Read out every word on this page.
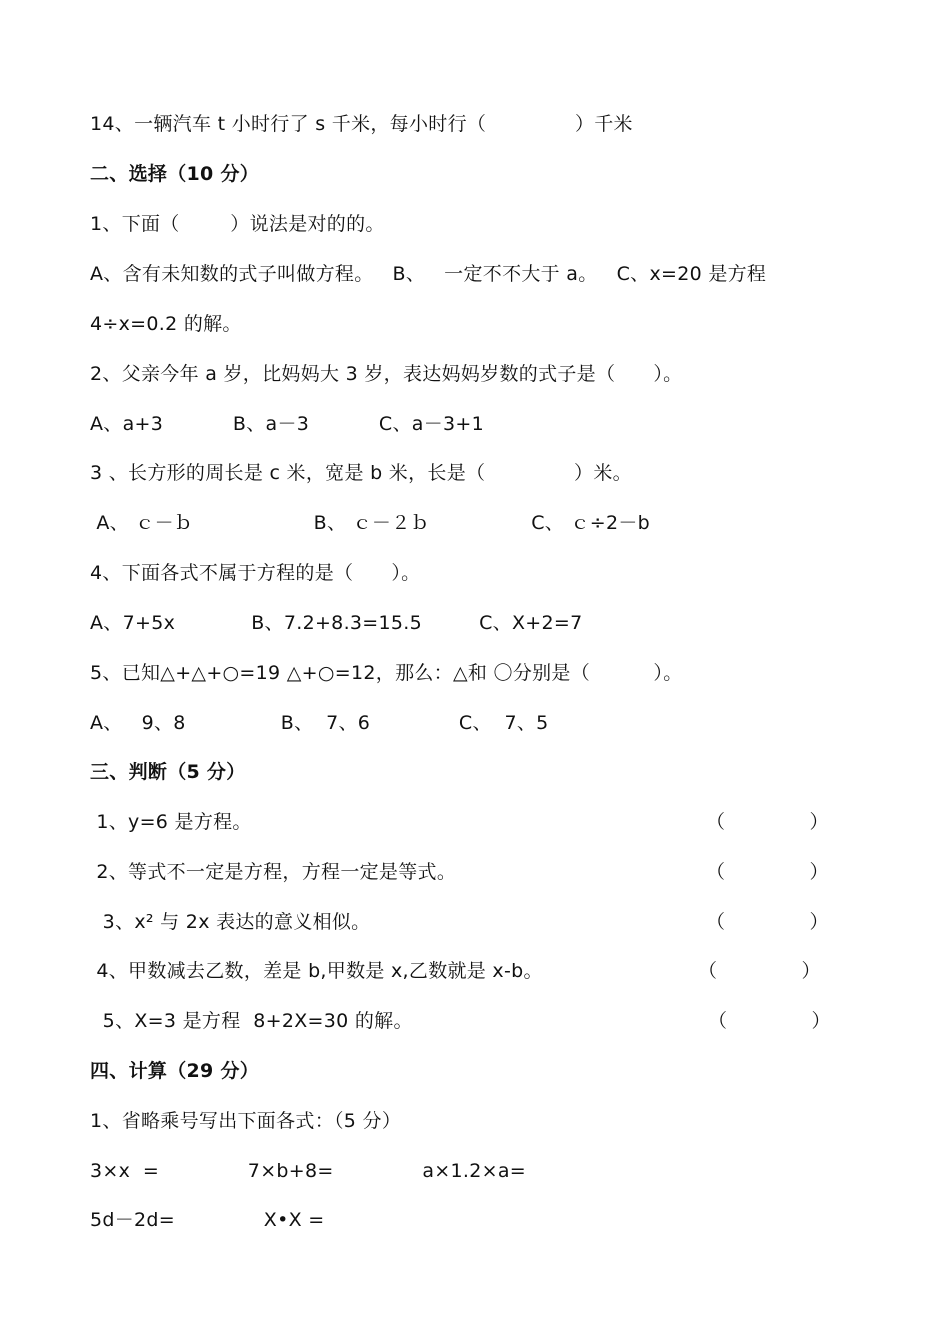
14、一辆汽车 t 小时行了 s 千米，每小时行（              ）千米
二、选择（10 分）
1、下面（        ）说法是对的的。
A、含有未知数的式子叫做方程。   B、   一定不不大于 a。   C、x=20 是方程
4÷x=0.2 的解。
2、父亲今年 a 岁，比妈妈大 3 岁，表达妈妈岁数的式子是（      ）。
A、a+3           B、a－3           C、a－3+1
3 、长方形的周长是 c 米，宽是 b 米，长是（              ）米。
A、 ｃ－ｂ                   B、 ｃ－２ｂ                C、 ｃ÷2－b
4、下面各式不属于方程的是（      ）。
A、7+5x            B、7.2+8.3=15.5         C、X+2=7
5、已知△+△+○=19 △+○=12，那么：△和 〇分别是（          ）。
A、   9、8               B、  7、6              C、  7、5
三、判断（5 分）
1、y=6 是方程。	（              ）
2、等式不一定是方程，方程一定是等式。	（              ）
3、x² 与 2x 表达的意义相似。	（              ）
4、甲数减去乙数，差是 b,甲数是 x,乙数就是 x-b。	（              ）
5、X=3 是方程  8+2X=30 的解。	（              ）
四、计算（29 分）
1、省略乘号写出下面各式：（5 分）
3×x  =              7×b+8=              a×1.2×a=
5d－2d=              X•X =
